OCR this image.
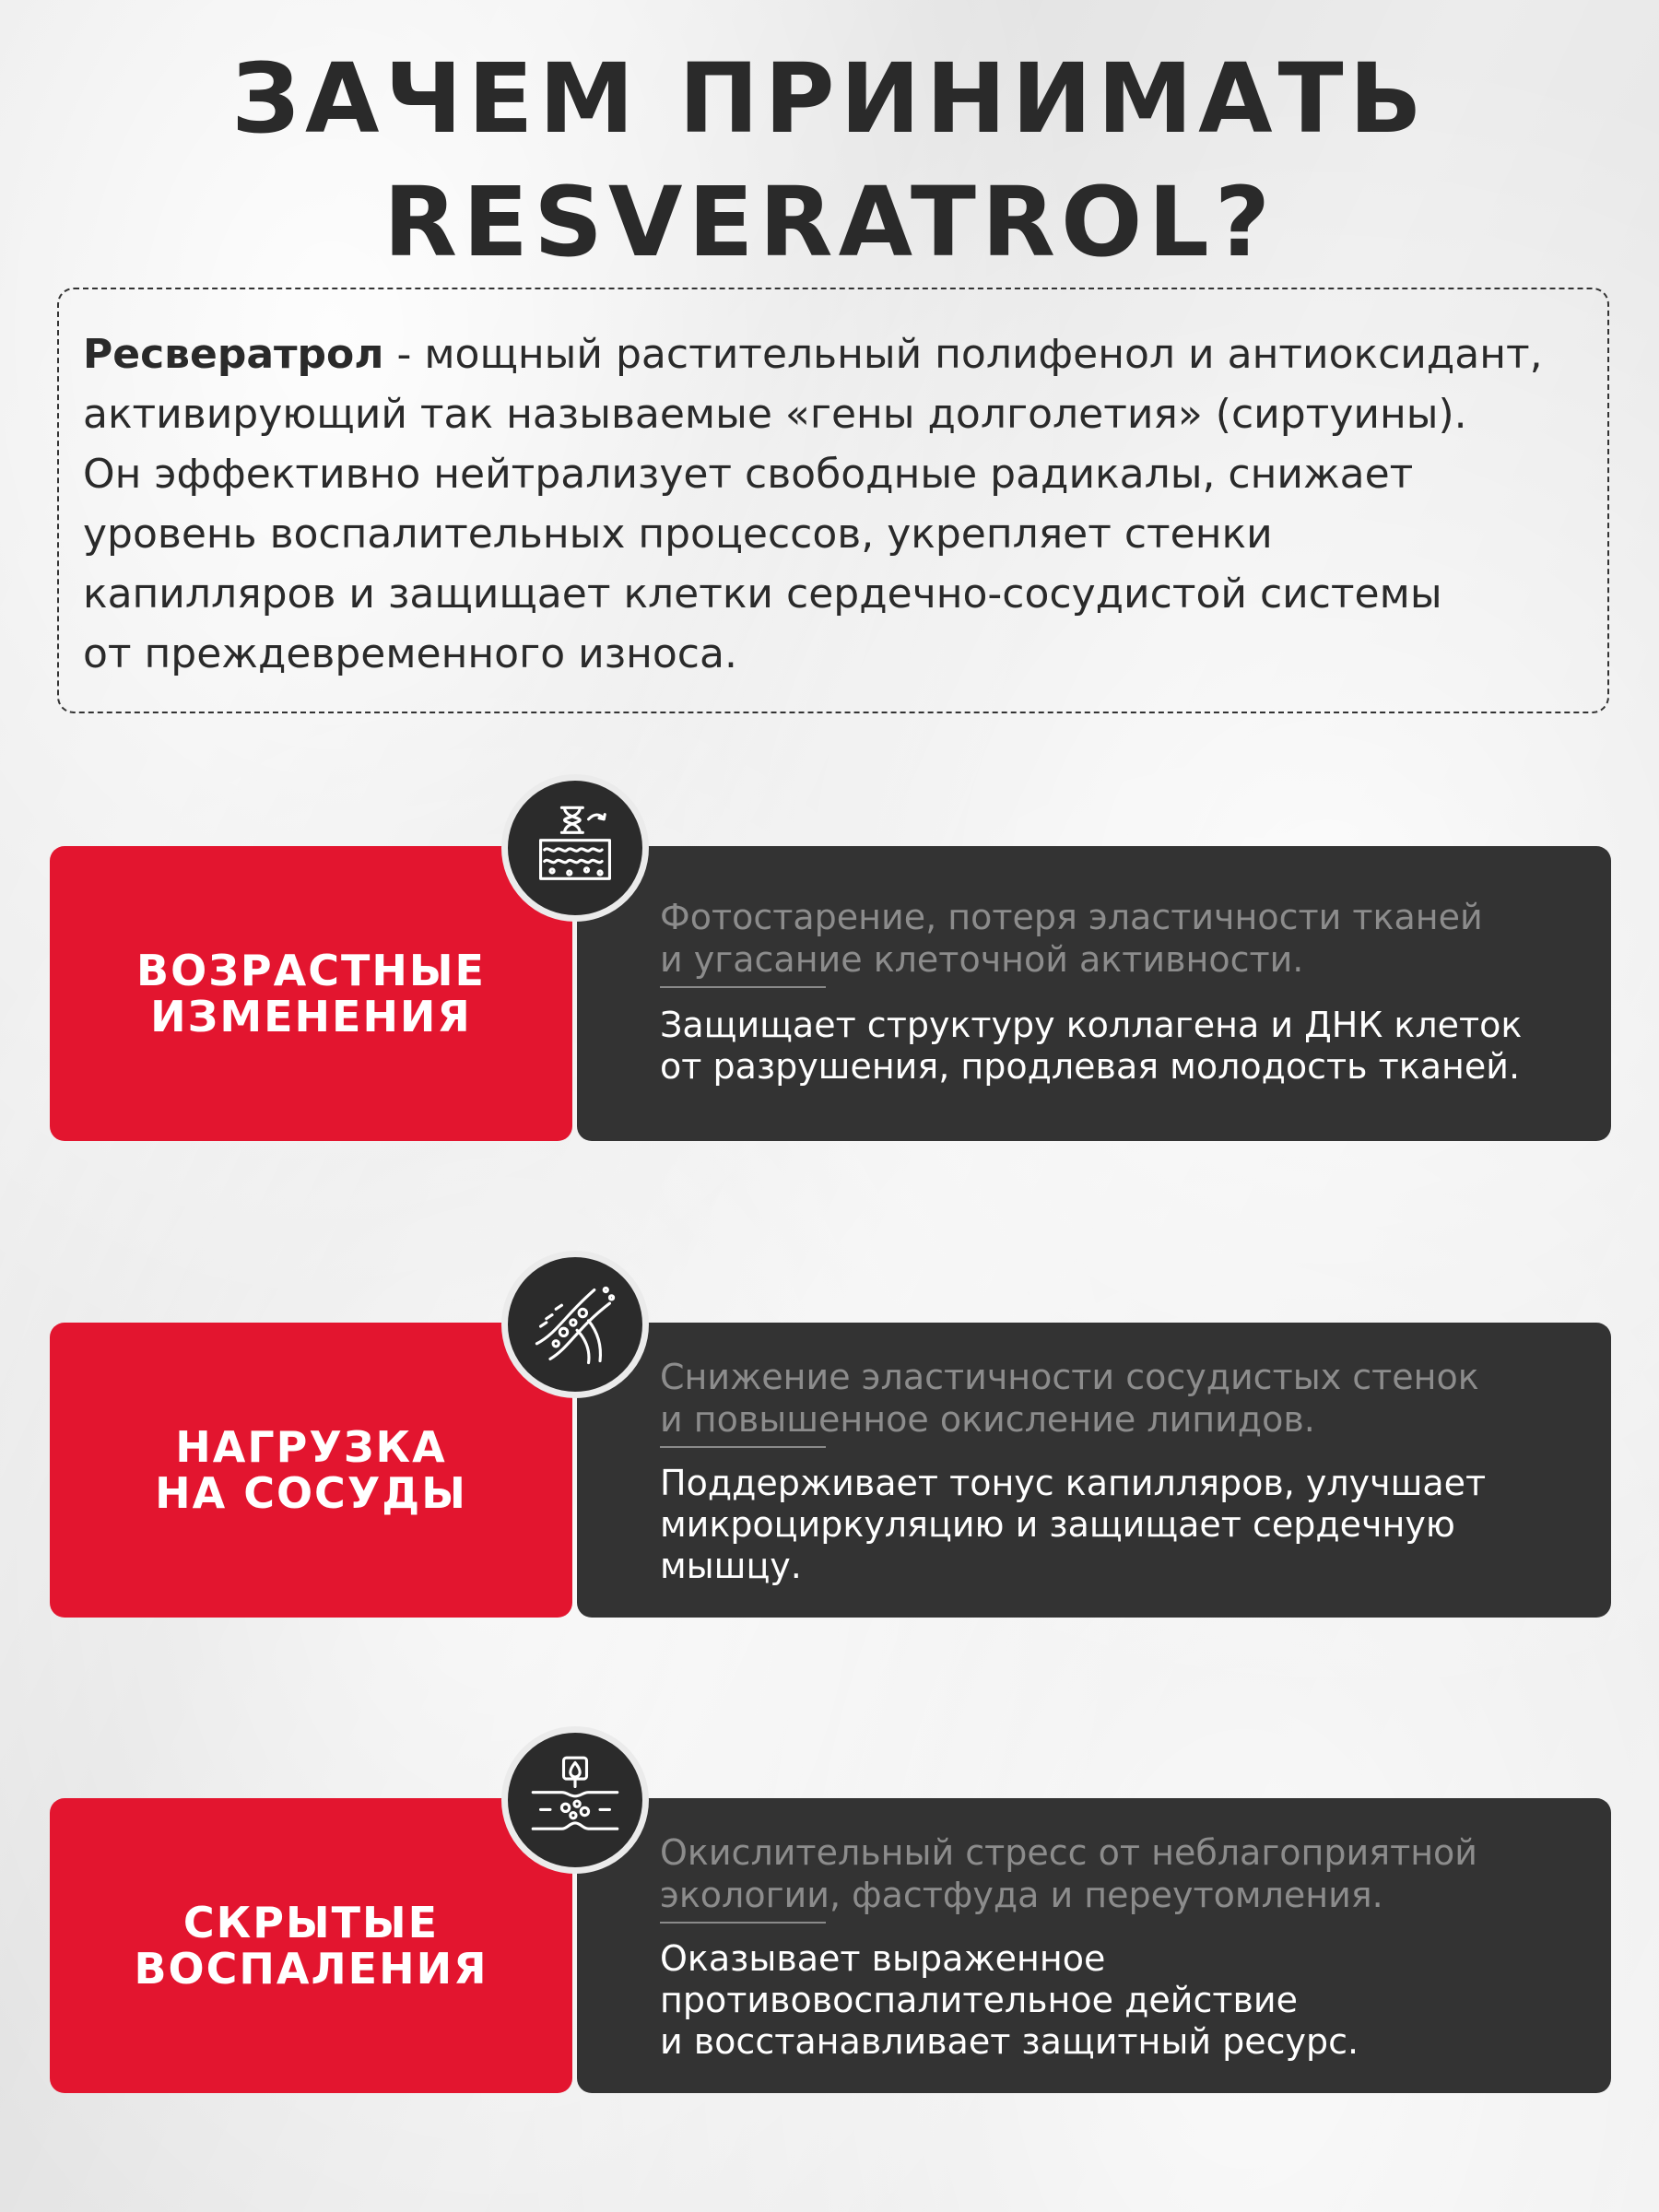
ЗАЧЕМ ПРИНИМАТЬ
RESVERATROL?
Ресвератрол - мощный растительный полифенол и антиоксидант,
активирующий так называемые «гены долголетия» (сиртуины).
Он эффективно нейтрализует свободные радикалы, снижает
уровень воспалительных процессов, укрепляет стенки
капилляров и защищает клетки сердечно-сосудистой системы
от преждевременного износа.
ВОЗРАСТНЫЕ
ИЗМЕНЕНИЯ
Фотостарение, потеря эластичности тканей
и угасание клеточной активности.
Защищает структуру коллагена и ДНК клеток
от разрушения, продлевая молодость тканей.
НАГРУЗКА
НА СОСУДЫ
Снижение эластичности сосудистых стенок
и повышенное окисление липидов.
Поддерживает тонус капилляров, улучшает
микроциркуляцию и защищает сердечную
мышцу.
СКРЫТЫЕ
ВОСПАЛЕНИЯ
Окислительный стресс от неблагоприятной
экологии, фастфуда и переутомления.
Оказывает выраженное
противовоспалительное действие
и восстанавливает защитный ресурс.
